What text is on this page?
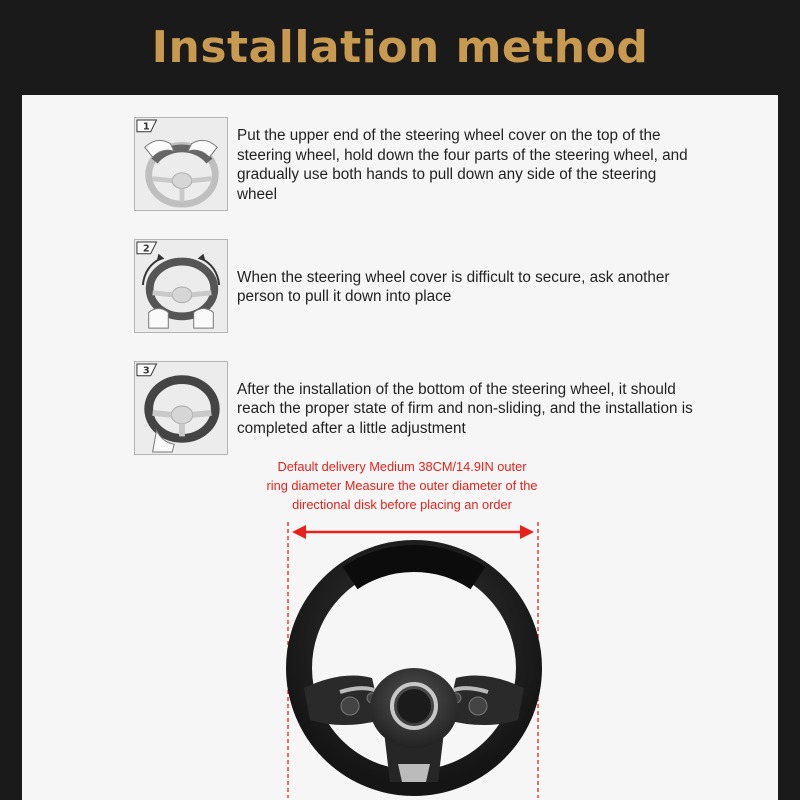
Installation method
1	Put the upper end of the steering wheel cover on the top of the steering wheel, hold down the four parts of the steering wheel, and gradually use both hands to pull down any side of the steering wheel
2
When the steering wheel cover is difficult to secure, ask another person to pull it down into place
3
After the installation of the bottom of the steering wheel, it should reach the proper state of firm and non-sliding, and the installation is completed after a little adjustment
Default delivery Medium 38CM/14.9IN outer
ring diameter Measure the outer diameter of the
directional disk before placing an order
